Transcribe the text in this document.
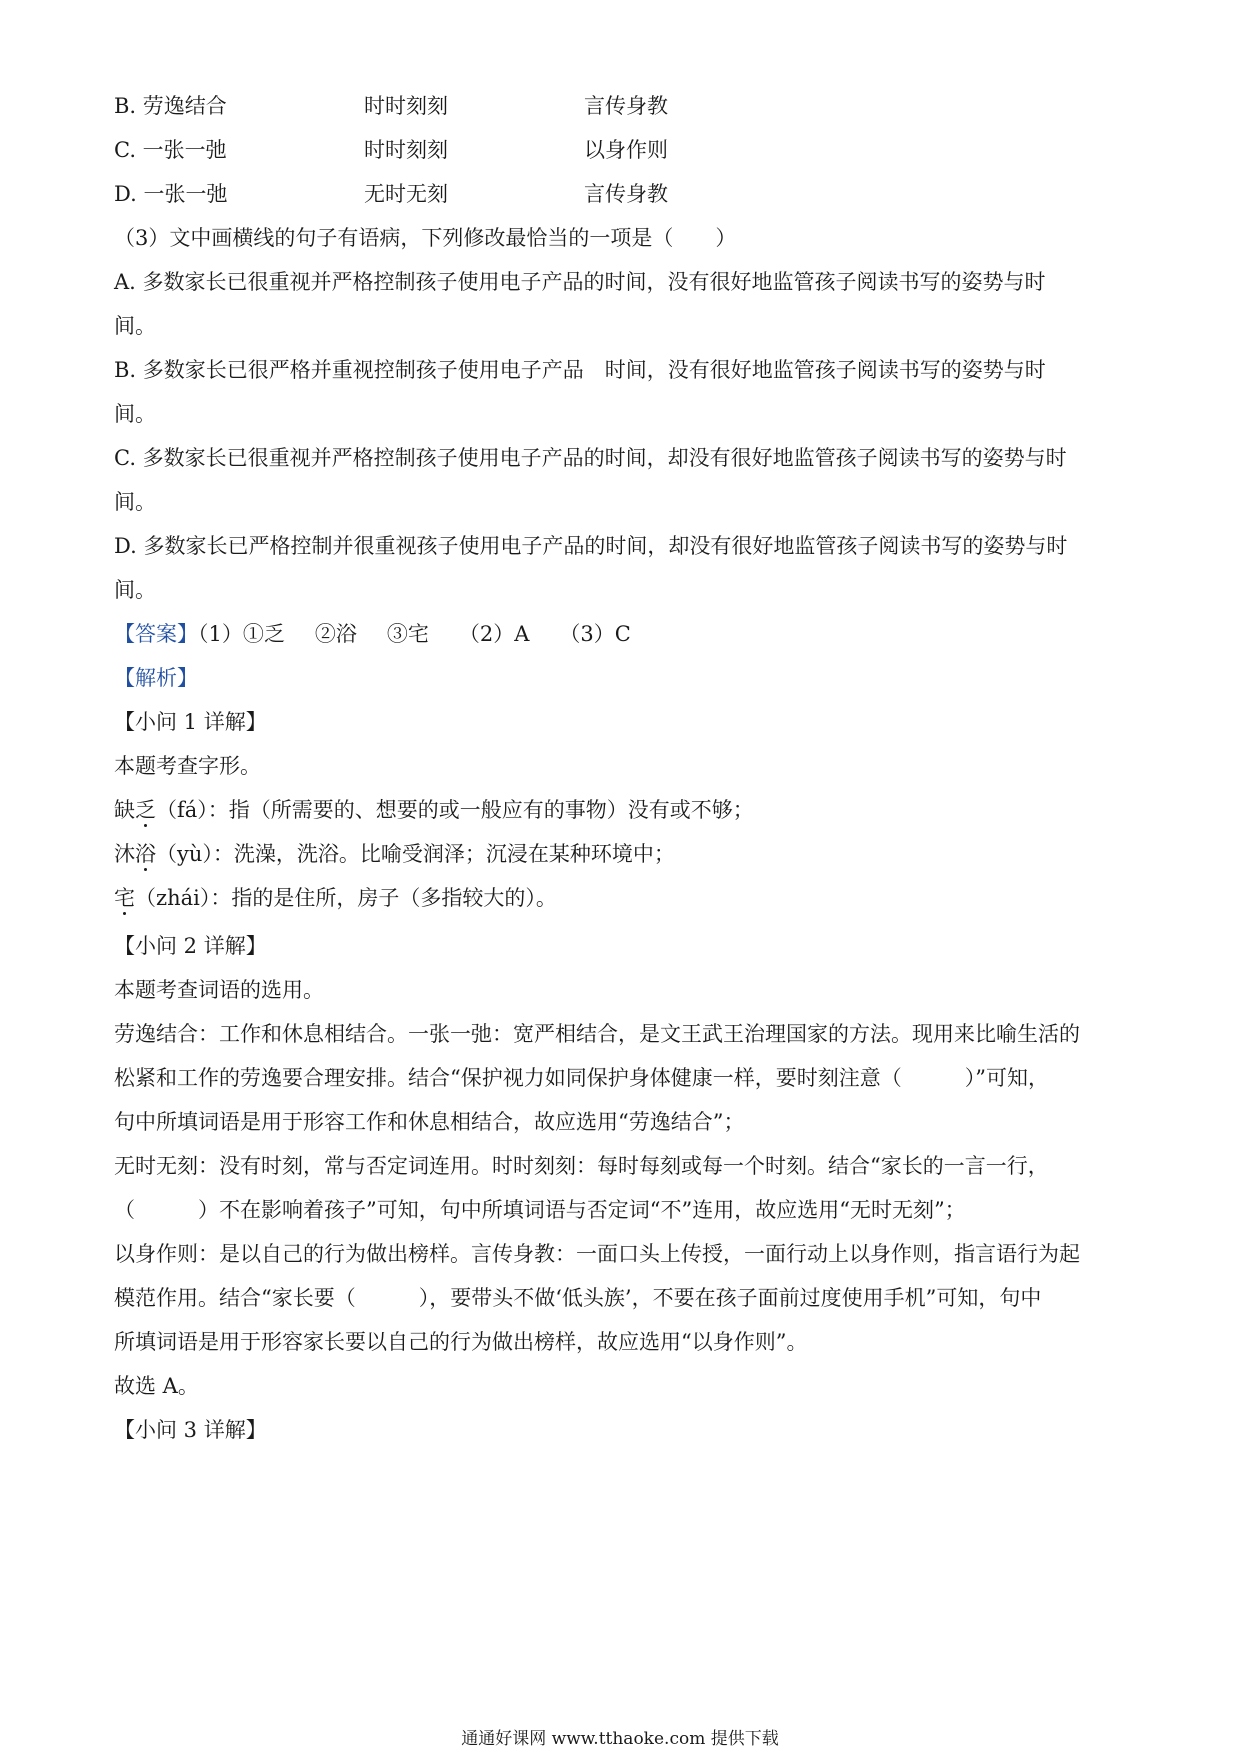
B. 劳逸结合	时时刻刻	言传身教
C. 一张一弛	时时刻刻	以身作则
D. 一张一弛	无时无刻	言传身教
（3）文中画横线的句子有语病，下列修改最恰当的一项是（　　）
A. 多数家长已很重视并严格控制孩子使用电子产品的时间，没有很好地监管孩子阅读书写的姿势与时
间。
B. 多数家长已很严格并重视控制孩子使用电子产品　时间，没有很好地监管孩子阅读书写的姿势与时
间。
C. 多数家长已很重视并严格控制孩子使用电子产品的时间，却没有很好地监管孩子阅读书写的姿势与时
间。
D. 多数家长已严格控制并很重视孩子使用电子产品的时间，却没有很好地监管孩子阅读书写的姿势与时
间。
【答案】（1）①乏 ②浴 ③宅 （2）A （3）C
【解析】
【小问 1 详解】
本题考查字形。
缺乏（fá）：指（所需要的、想要的或一般应有的事物）没有或不够；
沐浴（yù）：洗澡，洗浴。比喻受润泽；沉浸在某种环境中；
宅（zhái）：指的是住所，房子（多指较大的）。
【小问 2 详解】
本题考查词语的选用。
劳逸结合：工作和休息相结合。一张一弛：宽严相结合，是文王武王治理国家的方法。现用来比喻生活的
松紧和工作的劳逸要合理安排。结合“保护视力如同保护身体健康一样，要时刻注意（　　　）”可知，
句中所填词语是用于形容工作和休息相结合，故应选用“劳逸结合”；
无时无刻：没有时刻，常与否定词连用。时时刻刻：每时每刻或每一个时刻。结合“家长的一言一行，
（　　　）不在影响着孩子”可知，句中所填词语与否定词“不”连用，故应选用“无时无刻”；
以身作则：是以自己的行为做出榜样。言传身教：一面口头上传授，一面行动上以身作则，指言语行为起
模范作用。结合“家长要（　　　），要带头不做‘低头族’，不要在孩子面前过度使用手机”可知，句中
所填词语是用于形容家长要以自己的行为做出榜样，故应选用“以身作则”。
故选 A。
【小问 3 详解】
通通好课网 www.tthaoke.com 提供下载
